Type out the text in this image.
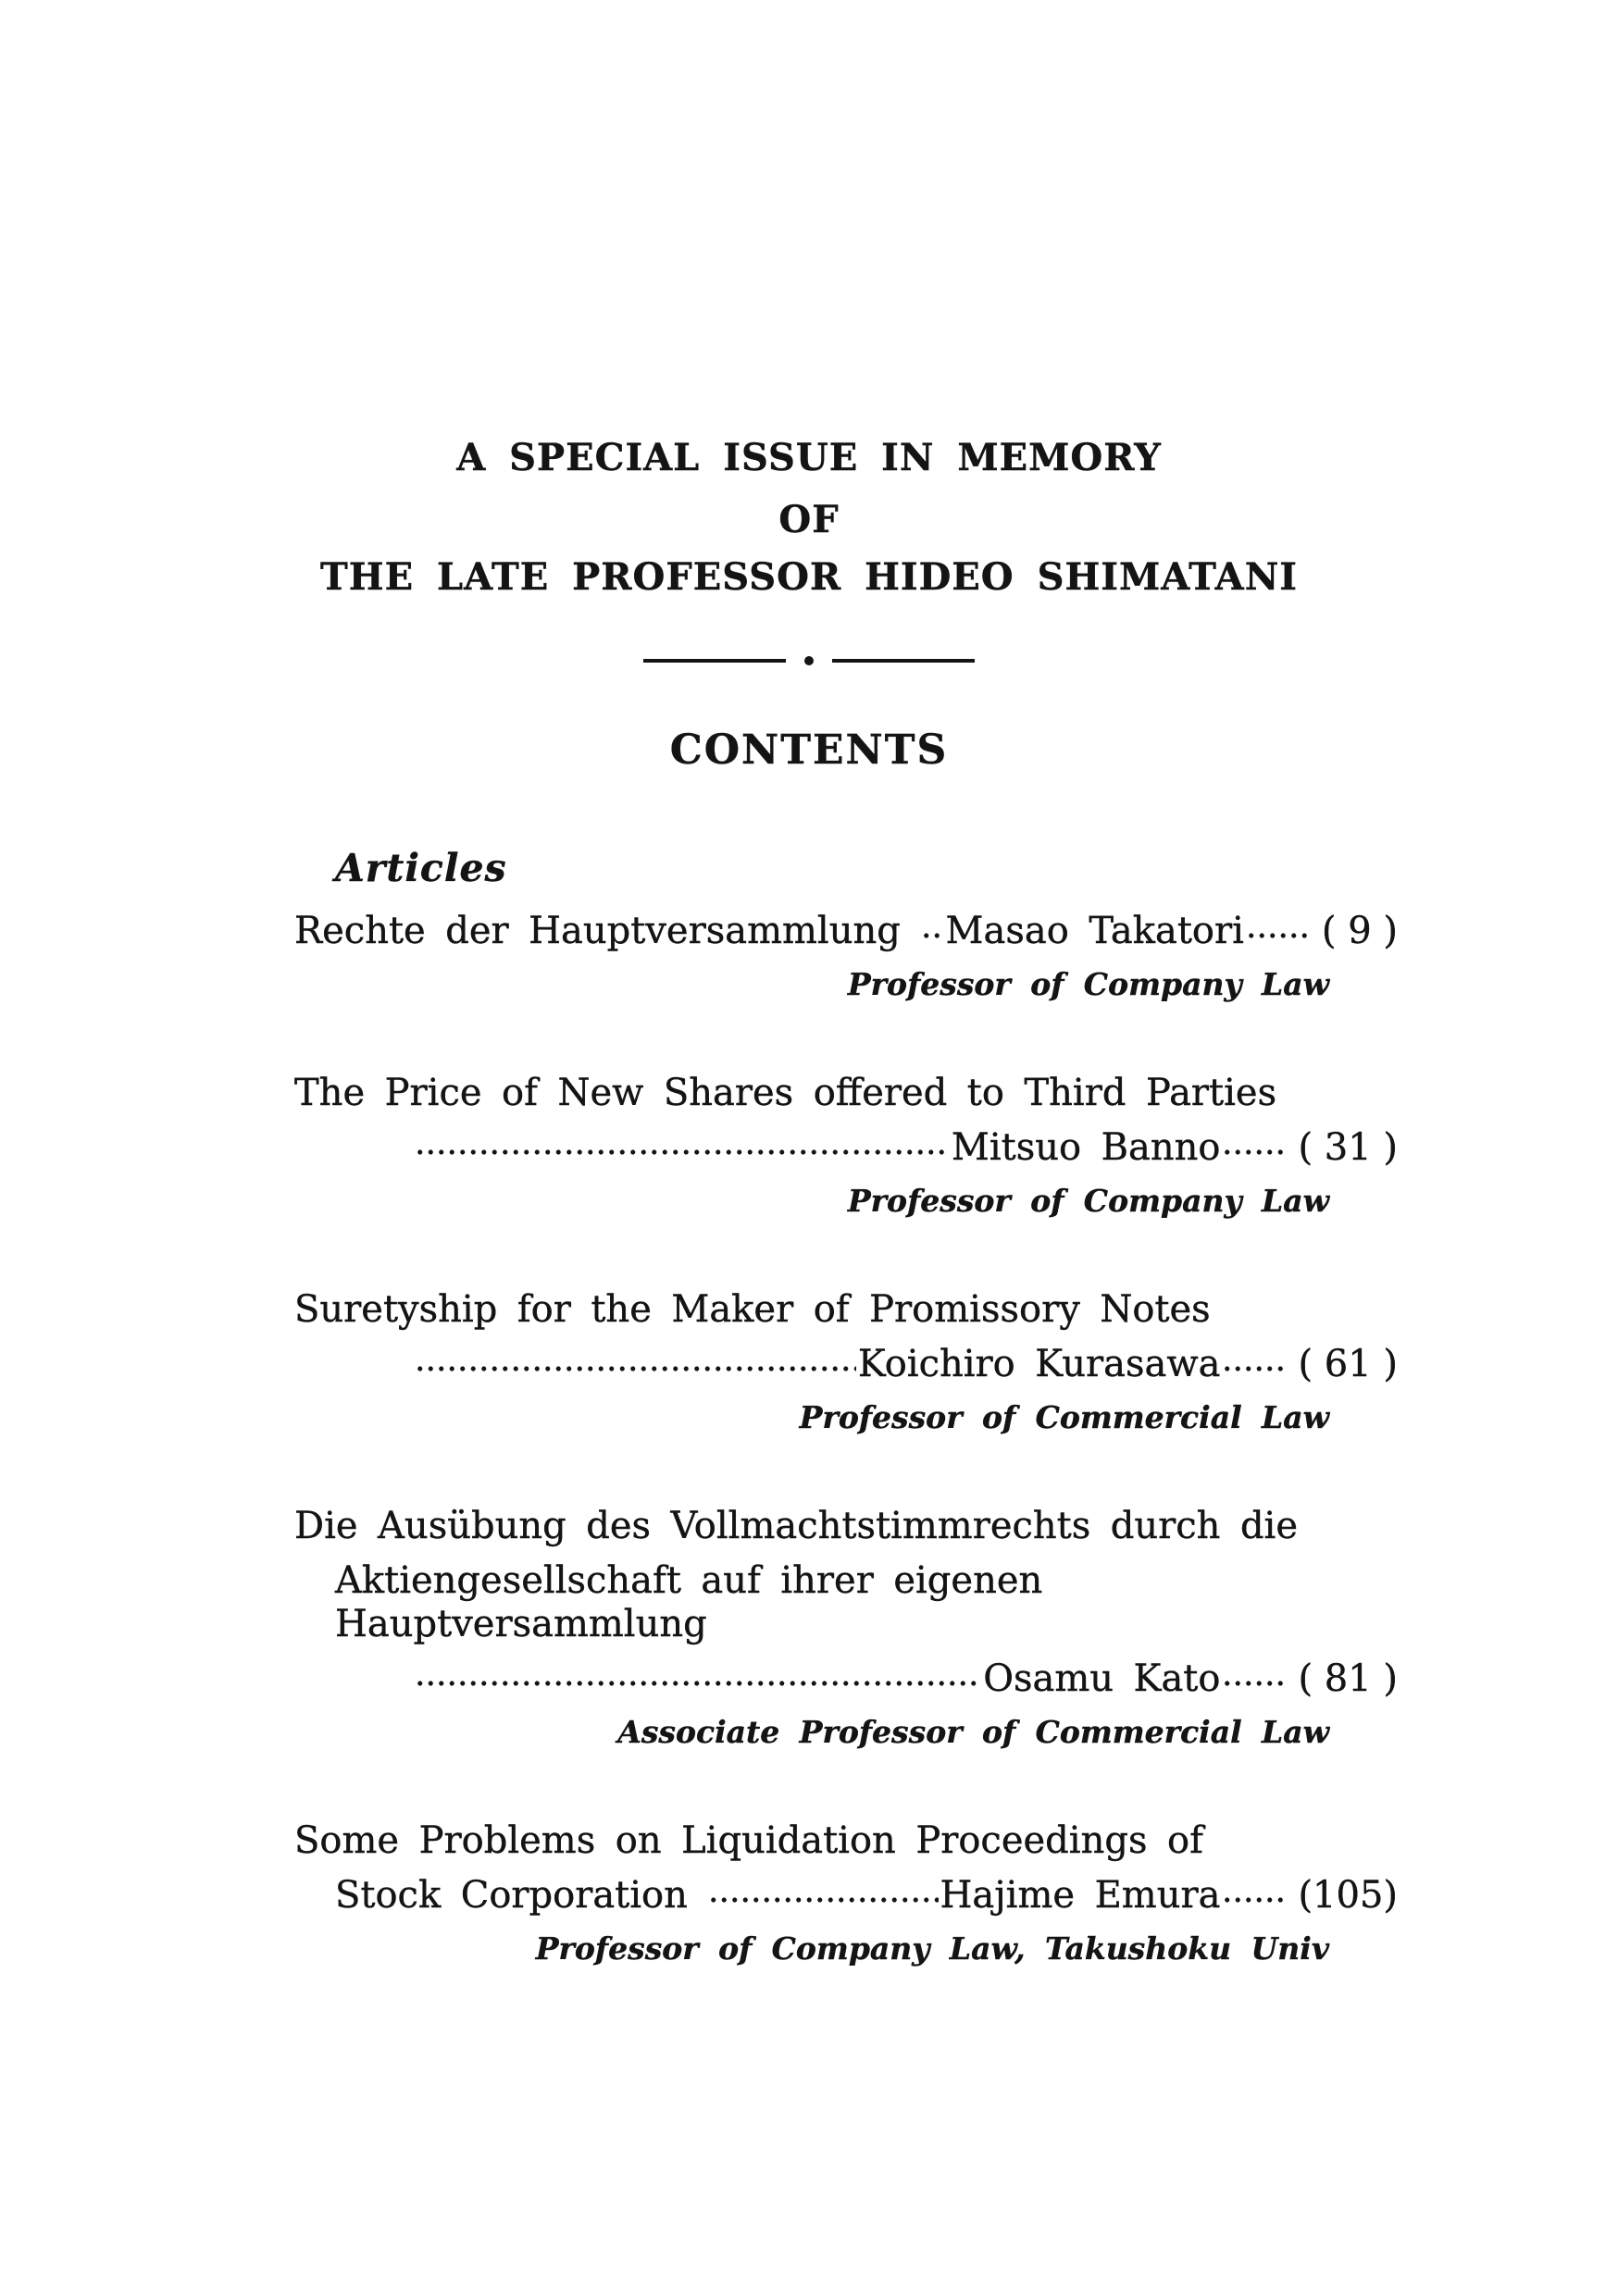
A SPECIAL ISSUE IN MEMORY
OF
THE LATE PROFESSOR HIDEO SHIMATANI
CONTENTS
Articles
Rechte der Hauptversammlung Masao Takatori ( 9 )
Professor of Company Law
The Price of New Shares offered to Third Parties
Mitsuo Banno ( 31 )
Professor of Company Law
Suretyship for the Maker of Promissory Notes
Koichiro Kurasawa ( 61 )
Professor of Commercial Law
Die Ausübung des Vollmachtstimmrechts durch die
Aktiengesellschaft auf ihrer eigenen Hauptversammlung
Osamu Kato ( 81 )
Associate Professor of Commercial Law
Some Problems on Liquidation Proceedings of
Stock Corporation	Hajime Emura (105)
Professor of Company Law, Takushoku Univ
